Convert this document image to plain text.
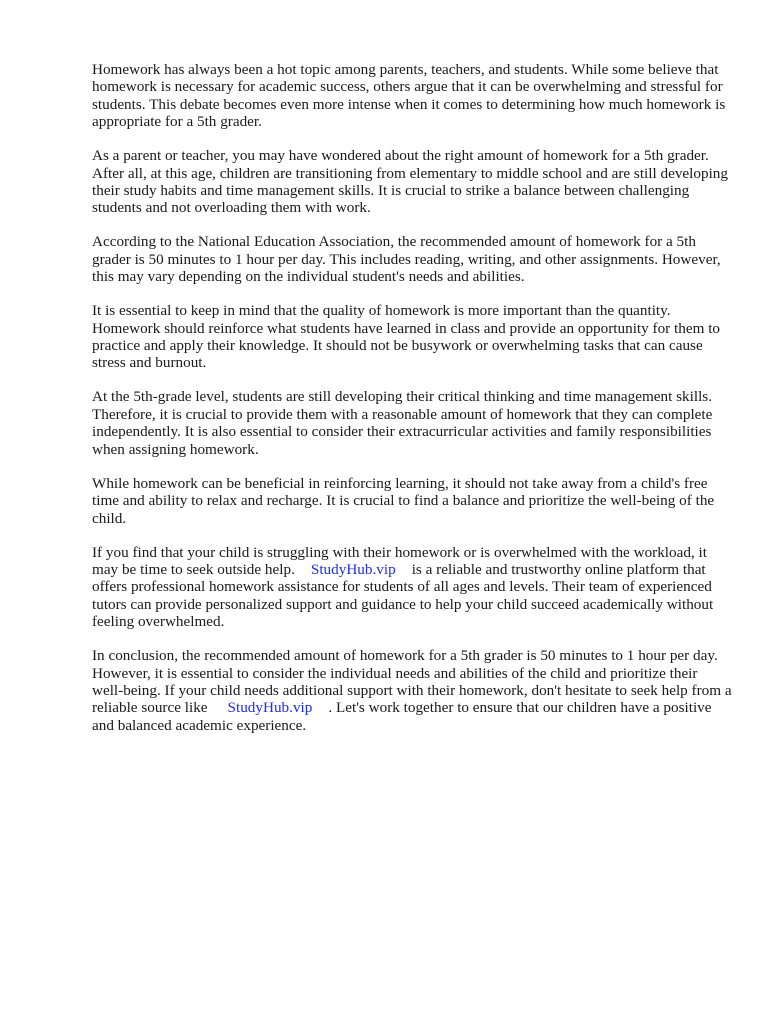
Homework has always been a hot topic among parents, teachers, and students. While some believe that homework is necessary for academic success, others argue that it can be overwhelming and stressful for students. This debate becomes even more intense when it comes to determining how much homework is appropriate for a 5th grader.

As a parent or teacher, you may have wondered about the right amount of homework for a 5th grader. After all, at this age, children are transitioning from elementary to middle school and are still developing their study habits and time management skills. It is crucial to strike a balance between challenging students and not overloading them with work.

According to the National Education Association, the recommended amount of homework for a 5th grader is 50 minutes to 1 hour per day. This includes reading, writing, and other assignments. However, this may vary depending on the individual student's needs and abilities.

It is essential to keep in mind that the quality of homework is more important than the quantity. Homework should reinforce what students have learned in class and provide an opportunity for them to practice and apply their knowledge. It should not be busywork or overwhelming tasks that can cause stress and burnout.

At the 5th-grade level, students are still developing their critical thinking and time management skills. Therefore, it is crucial to provide them with a reasonable amount of homework that they can complete independently. It is also essential to consider their extracurricular activities and family responsibilities when assigning homework.

While homework can be beneficial in reinforcing learning, it should not take away from a child's free time and ability to relax and recharge. It is crucial to find a balance and prioritize the well-being of the child.

If you find that your child is struggling with their homework or is overwhelmed with the workload, it may be time to seek outside help. StudyHub.vip is a reliable and trustworthy online platform that offers professional homework assistance for students of all ages and levels. Their team of experienced tutors can provide personalized support and guidance to help your child succeed academically without feeling overwhelmed.

In conclusion, the recommended amount of homework for a 5th grader is 50 minutes to 1 hour per day. However, it is essential to consider the individual needs and abilities of the child and prioritize their well-being. If your child needs additional support with their homework, don't hesitate to seek help from a reliable source like StudyHub.vip . Let's work together to ensure that our children have a positive and balanced academic experience.
